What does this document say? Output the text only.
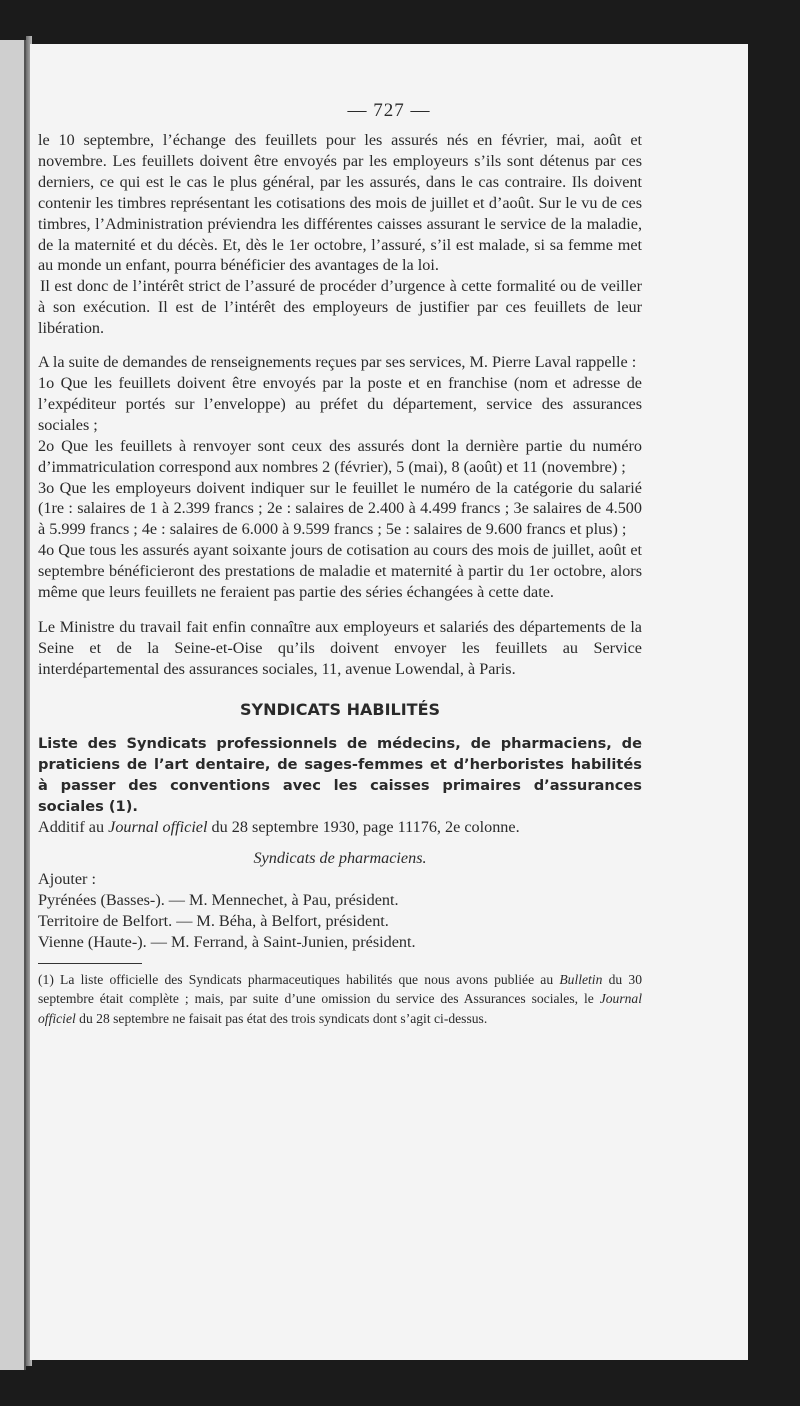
— 727 —

le 10 septembre, l’échange des feuillets pour les assurés nés en février, mai, août et novembre. Les feuillets doivent être envoyés par les employeurs s’ils sont détenus par ces derniers, ce qui est le cas le plus général, par les assurés, dans le cas contraire. Ils doivent contenir les timbres représentant les cotisations des mois de juillet et d’août. Sur le vu de ces timbres, l’Administration préviendra les différentes caisses assurant le service de la maladie, de la maternité et du décès. Et, dès le 1er octobre, l’assuré, s’il est malade, si sa femme met au monde un enfant, pourra bénéficier des avantages de la loi.

Il est donc de l’intérêt strict de l’assuré de procéder d’urgence à cette formalité ou de veiller à son exécution. Il est de l’intérêt des employeurs de justifier par ces feuillets de leur libération.

A la suite de demandes de renseignements reçues par ses services, M. Pierre Laval rappelle :

1o Que les feuillets doivent être envoyés par la poste et en franchise (nom et adresse de l’expéditeur portés sur l’enveloppe) au préfet du département, service des assurances sociales ;

2o Que les feuillets à renvoyer sont ceux des assurés dont la dernière partie du numéro d’immatriculation correspond aux nombres 2 (février), 5 (mai), 8 (août) et 11 (novembre) ;

3o Que les employeurs doivent indiquer sur le feuillet le numéro de la catégorie du salarié (1re : salaires de 1 à 2.399 francs ; 2e : salaires de 2.400 à 4.499 francs ; 3e salaires de 4.500 à 5.999 francs ; 4e : salaires de 6.000 à 9.599 francs ; 5e : salaires de 9.600 francs et plus) ;

4o Que tous les assurés ayant soixante jours de cotisation au cours des mois de juillet, août et septembre bénéficieront des prestations de maladie et maternité à partir du 1er octobre, alors même que leurs feuillets ne feraient pas partie des séries échangées à cette date.

Le Ministre du travail fait enfin connaître aux employeurs et salariés des départements de la Seine et de la Seine-et-Oise qu’ils doivent envoyer les feuillets au Service interdépartemental des assurances sociales, 11, avenue Lowendal, à Paris.

SYNDICATS HABILITÉS

Liste des Syndicats professionnels de médecins, de pharmaciens, de praticiens de l’art dentaire, de sages-femmes et d’herboristes habilités à passer des conventions avec les caisses primaires d’assurances sociales (1).

Additif au Journal officiel du 28 septembre 1930, page 11176, 2e colonne.

Syndicats de pharmaciens.

Ajouter :

Pyrénées (Basses-). — M. Mennechet, à Pau, président.

Territoire de Belfort. — M. Béha, à Belfort, président.

Vienne (Haute-). — M. Ferrand, à Saint-Junien, président.

(1) La liste officielle des Syndicats pharmaceutiques habilités que nous avons publiée au Bulletin du 30 septembre était complète ; mais, par suite d’une omission du service des Assurances sociales, le Journal officiel du 28 septembre ne faisait pas état des trois syndicats dont s’agit ci-dessus.
